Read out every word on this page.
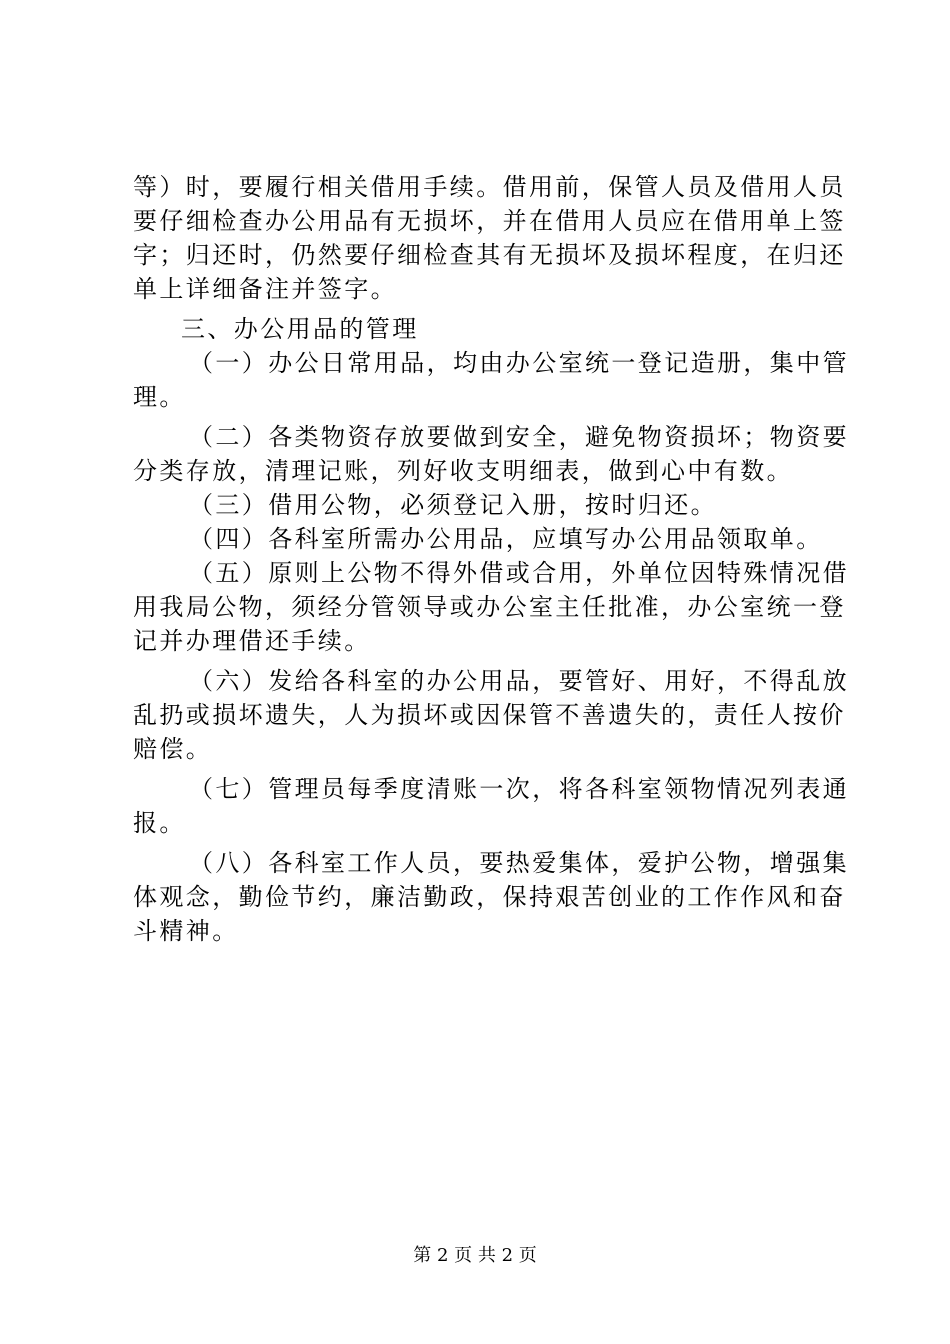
等）时，要履行相关借用手续。借用前，保管人员及借用人员
要仔细检查办公用品有无损坏，并在借用人员应在借用单上签
字；归还时，仍然要仔细检查其有无损坏及损坏程度，在归还
单上详细备注并签字。
三、办公用品的管理
（一）办公日常用品，均由办公室统一登记造册，集中管
理。
（二）各类物资存放要做到安全，避免物资损坏；物资要
分类存放，清理记账，列好收支明细表，做到心中有数。
（三）借用公物，必须登记入册，按时归还。
（四）各科室所需办公用品，应填写办公用品领取单。
（五）原则上公物不得外借或合用，外单位因特殊情况借
用我局公物，须经分管领导或办公室主任批准，办公室统一登
记并办理借还手续。
（六）发给各科室的办公用品，要管好、用好，不得乱放
乱扔或损坏遗失，人为损坏或因保管不善遗失的，责任人按价
赔偿。
（七）管理员每季度清账一次，将各科室领物情况列表通
报。
（八）各科室工作人员，要热爱集体，爱护公物，增强集
体观念，勤俭节约，廉洁勤政，保持艰苦创业的工作作风和奋
斗精神。
第 2 页 共 2 页
